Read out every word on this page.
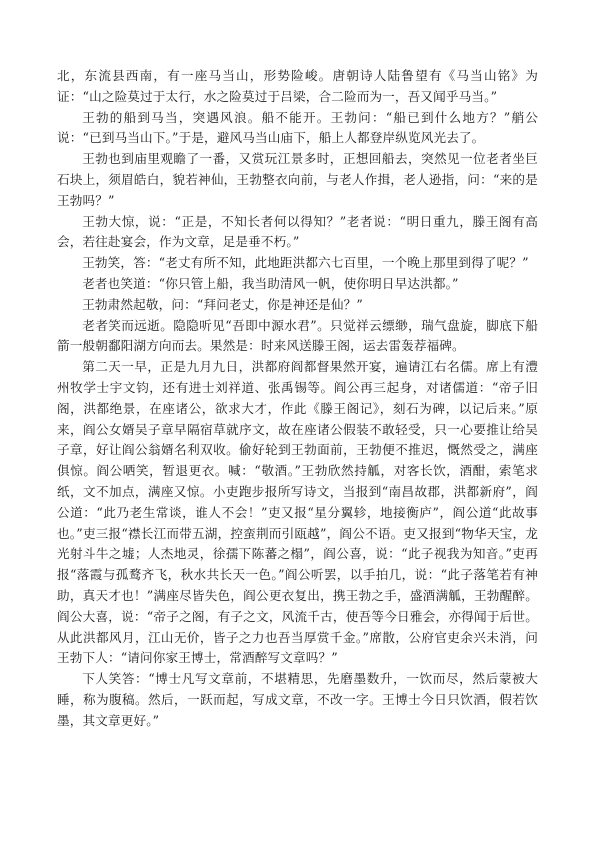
北，东流县西南，有一座马当山，形势险峻。唐朝诗人陆鲁望有《马当山铭》为证：“山之险莫过于太行，水之险莫过于吕梁，合二险而为一，吾又闻乎马当。”

王勃的船到马当，突遇风浪。船不能开。王勃问：“船已到什么地方？”艄公说：“已到马当山下。”于是，避风马当山庙下，船上人都登岸纵览风光去了。

王勃也到庙里观瞻了一番，又赏玩江景多时，正想回船去，突然见一位老者坐巨石块上，须眉皓白，貌若神仙，王勃整衣向前，与老人作揖，老人逊指，问：“来的是王勃吗？”

王勃大惊，说：“正是，不知长者何以得知？”老者说：“明日重九，滕王阁有高会，若往赴宴会，作为文章，足是垂不朽。”

王勃笑，答：“老丈有所不知，此地距洪都六七百里，一个晚上那里到得了呢？”

老者也笑道：“你只管上船，我当助清风一帆，使你明日早达洪都。”

王勃肃然起敬，问：“拜问老丈，你是神还是仙？”

老者笑而远逝。隐隐听见“吾即中源水君”。只觉祥云缥缈，瑞气盘旋，脚底下船箭一般朝鄱阳湖方向而去。果然是：时来风送滕王阁，运去雷轰荐福碑。

第二天一早，正是九月九日，洪都府阎都督果然开宴，遍请江右名儒。席上有澧州牧学士宇文钧，还有进士刘祥道、张禹锡等。阎公再三起身，对诸儒道：“帝子旧阁，洪都绝景，在座诸公，欲求大才，作此《滕王阁记》，刻石为碑，以记后来。”原来，阎公女婿吴子章早隔宿草就序文，故在座诸公假装不敢轻受，只一心要推让给吴子章，好让阎公翁婿名利双收。偷好轮到王勃面前，王勃便不推迟，慨然受之，满座俱惊。阎公哂笑，暂退更衣。喊：“敬酒。”王勃欣然持觚，对客长饮，酒酣，索笔求纸，文不加点，满座又惊。小吏跑步报所写诗文，当报到“南昌故郡，洪都新府”，阎公道：“此乃老生常谈，谁人不会！”吏又报“星分翼轸，地接衡庐”，阎公道“此故事也。”吏三报“襟长江而带五湖，控蛮荆而引瓯越”，阎公不语。吏又报到“物华天宝，龙光射斗牛之墟；人杰地灵，徐孺下陈蕃之榻”，阎公喜，说：“此子视我为知音。”吏再报“落霞与孤鹜齐飞，秋水共长天一色。”阎公听罢，以手拍几，说：“此子落笔若有神助，真天才也！”满座尽皆失色，阎公更衣复出，携王勃之手，盛酒满觚，王勃醒醉。阎公大喜，说：“帝子之阁，有子之文，风流千古，使吾等今日雅会，亦得闻于后世。从此洪都风月，江山无价，皆子之力也吾当厚赏千金。”席散，公府官吏余兴未消，问王勃下人：“请问你家王博士，常酒醉写文章吗？”

下人笑答：“博士凡写文章前，不堪精思，先磨墨数升，一饮而尽，然后蒙被大睡，称为腹稿。然后，一跃而起，写成文章，不改一字。王博士今日只饮酒，假若饮墨，其文章更好。”
